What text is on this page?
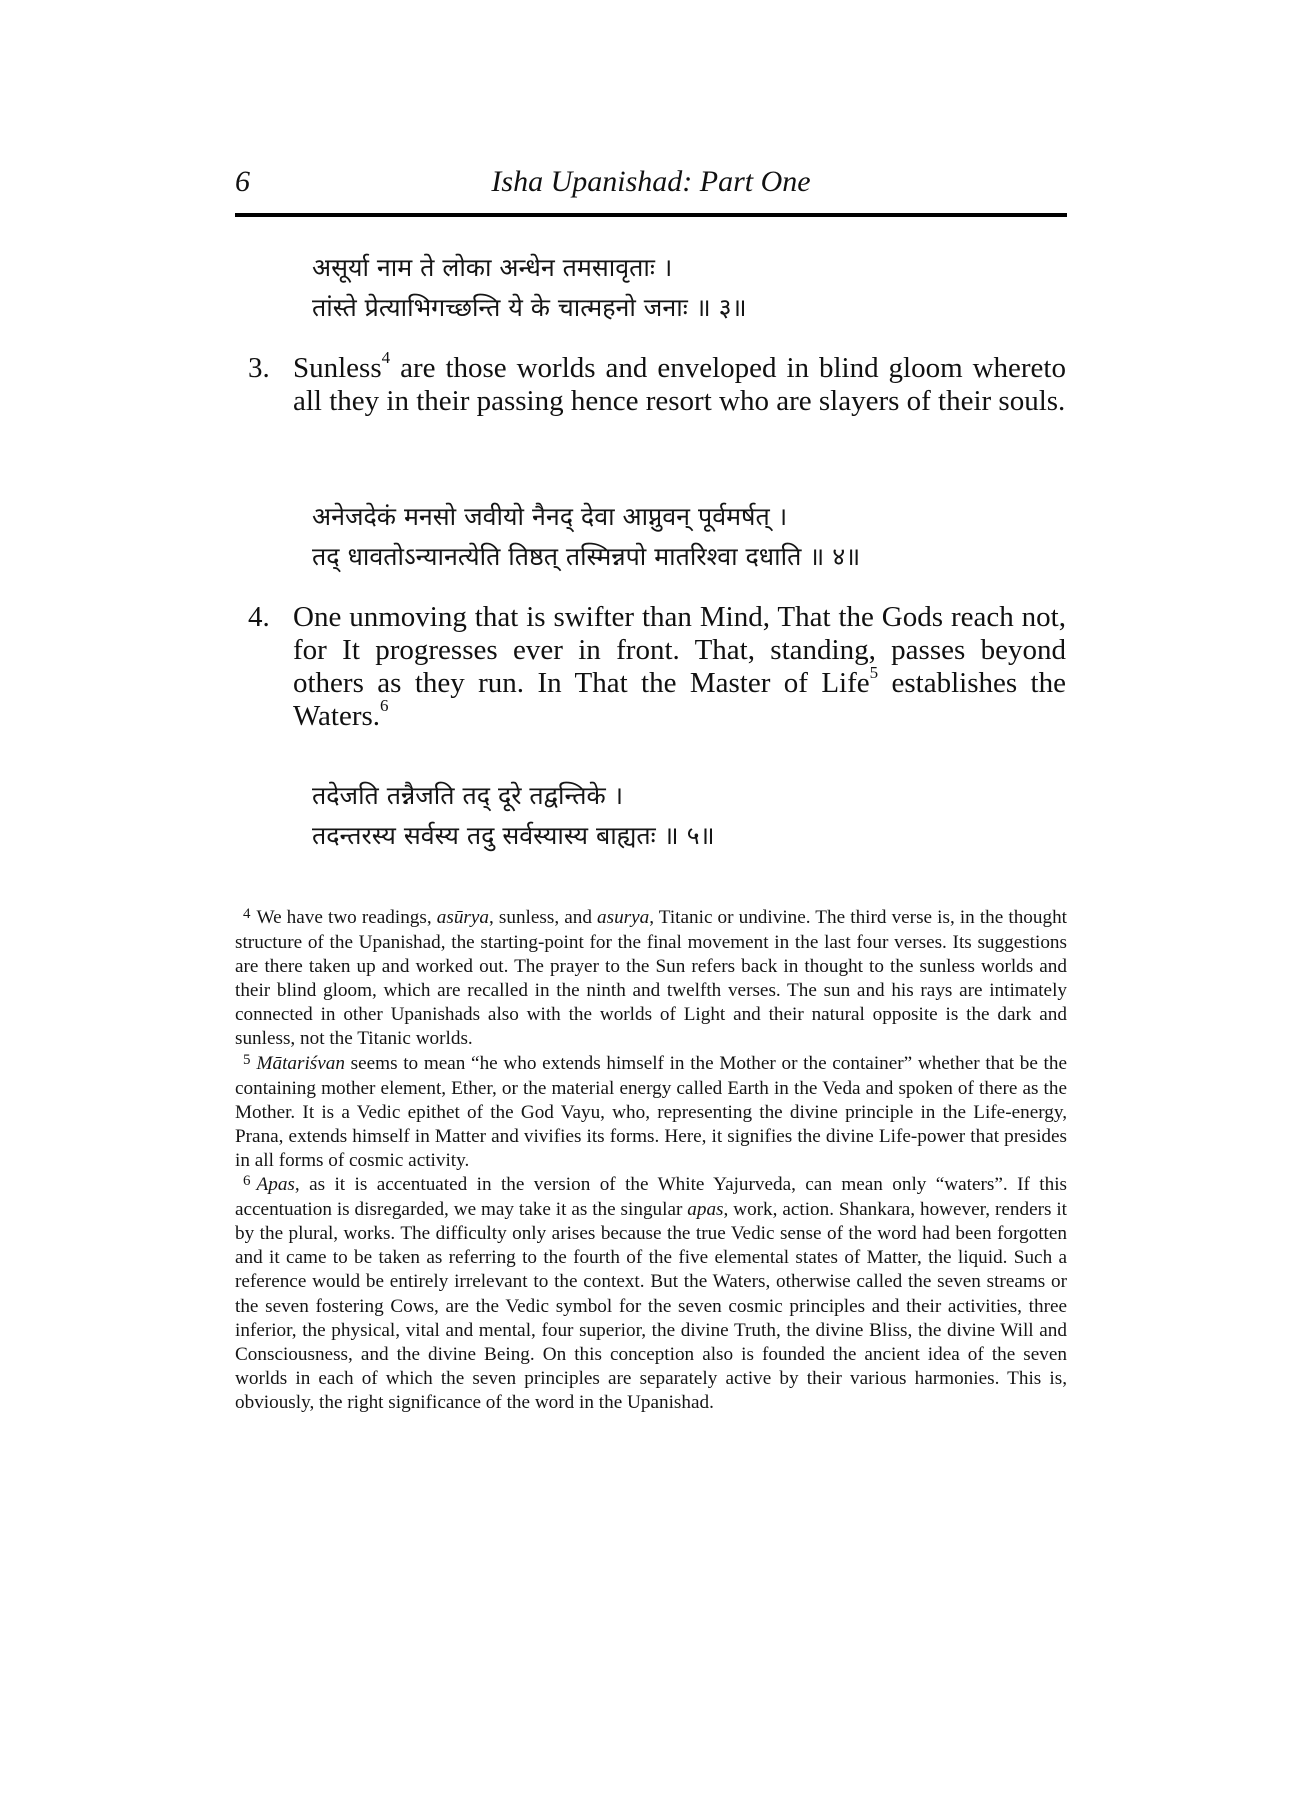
6	Isha Upanishad: Part One
असूर्या नाम ते लोका अन्धेन तमसावृताः ।
तांस्ते प्रेत्याभिगच्छन्ति ये के चात्महनो जनाः ॥ ३॥
3. Sunless$^4$ are those worlds and enveloped in blind gloom whereto all they in their passing hence resort who are slayers of their souls.
अनेजदेकं मनसो जवीयो नैनद् देवा आप्नुवन् पूर्वमर्षत् ।
तद् धावतोऽन्यानत्येति तिष्ठत् तस्मिन्नपो मातरिश्वा दधाति ॥ ४॥
4. One unmoving that is swifter than Mind, That the Gods reach not, for It progresses ever in front. That, standing, passes beyond others as they run. In That the Master of Life$^5$ establishes the Waters.$^6$
तदेजति तन्नैजति तद् दूरे तद्वन्तिके ।
तदन्तरस्य सर्वस्य तदु सर्वस्यास्य बाह्यतः ॥ ५॥

$^4$ We have two readings, asūrya, sunless, and asurya, Titanic or undivine. The third verse is, in the thought structure of the Upanishad, the starting-point for the final movement in the last four verses. Its suggestions are there taken up and worked out. The prayer to the Sun refers back in thought to the sunless worlds and their blind gloom, which are recalled in the ninth and twelfth verses. The sun and his rays are intimately connected in other Upanishads also with the worlds of Light and their natural opposite is the dark and sunless, not the Titanic worlds.

$^5$ Mātariśvan seems to mean “he who extends himself in the Mother or the container” whether that be the containing mother element, Ether, or the material energy called Earth in the Veda and spoken of there as the Mother. It is a Vedic epithet of the God Vayu, who, representing the divine principle in the Life-energy, Prana, extends himself in Matter and vivifies its forms. Here, it signifies the divine Life-power that presides in all forms of cosmic activity.

$^6$ Apas, as it is accentuated in the version of the White Yajurveda, can mean only “waters”. If this accentuation is disregarded, we may take it as the singular apas, work, action. Shankara, however, renders it by the plural, works. The difficulty only arises because the true Vedic sense of the word had been forgotten and it came to be taken as referring to the fourth of the five elemental states of Matter, the liquid. Such a reference would be entirely irrelevant to the context. But the Waters, otherwise called the seven streams or the seven fostering Cows, are the Vedic symbol for the seven cosmic principles and their activities, three inferior, the physical, vital and mental, four superior, the divine Truth, the divine Bliss, the divine Will and Consciousness, and the divine Being. On this conception also is founded the ancient idea of the seven worlds in each of which the seven principles are separately active by their various harmonies. This is, obviously, the right significance of the word in the Upanishad.
